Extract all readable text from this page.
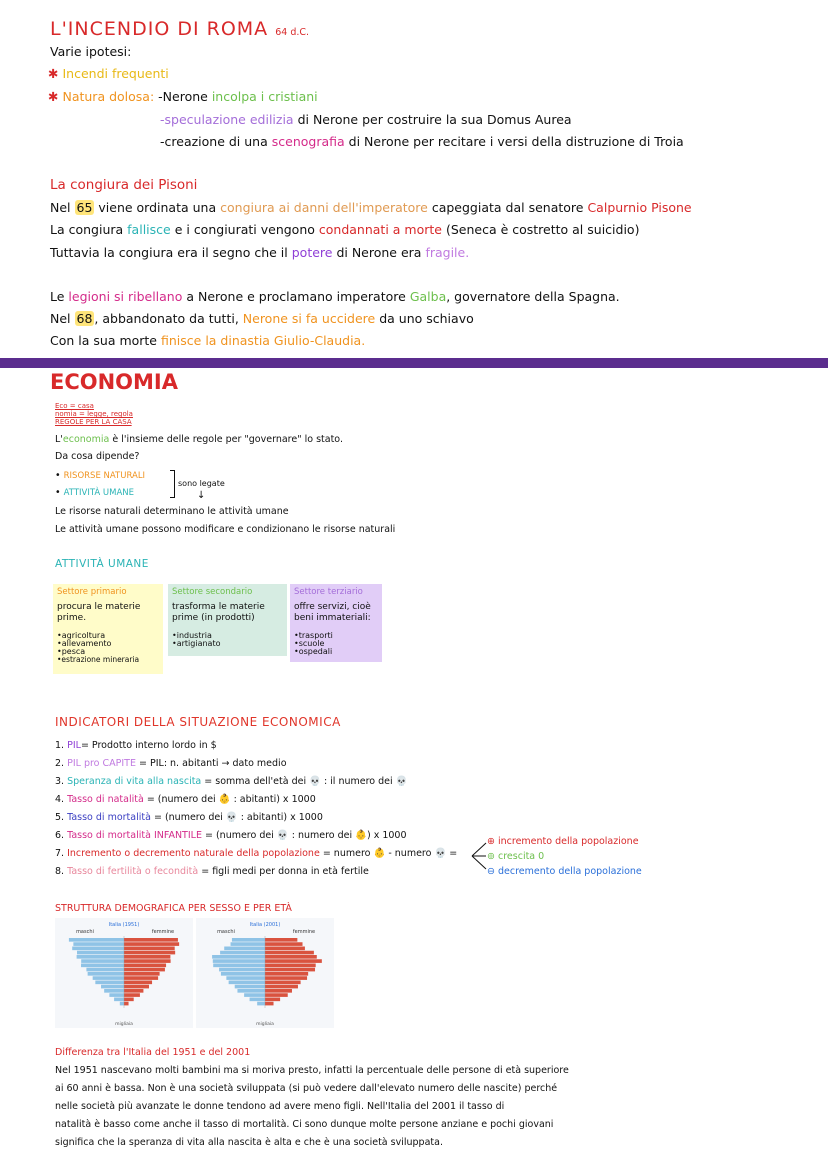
L'INCENDIO DI ROMA 64 d.C.
Varie ipotesi:
✱ Incendi frequenti
✱ Natura dolosa: -Nerone incolpa i cristiani
-speculazione edilizia di Nerone per costruire la sua Domus Aurea
-creazione di una scenografia di Nerone per recitare i versi della distruzione di Troia
La congiura dei Pisoni
Nel 65 viene ordinata una congiura ai danni dell'imperatore capeggiata dal senatore Calpurnio Pisone
La congiura fallisce e i congiurati vengono condannati a morte (Seneca è costretto al suicidio)
Tuttavia la congiura era il segno che il potere di Nerone era fragile.
Le legioni si ribellano a Nerone e proclamano imperatore Galba, governatore della Spagna.
Nel 68 , abbandonato da tutti, Nerone si fa uccidere da uno schiavo
Con la sua morte finisce la dinastia Giulio-Claudia.
ECONOMIA
Eco = casa
nomia = legge, regola
REGOLE PER LA CASA
L'economia è l'insieme delle regole per "governare" lo stato.
Da cosa dipende?
• RISORSE NATURALI
• ATTIVITÀ UMANE
sono legate
↓
Le risorse naturali determinano le attività umane
Le attività umane possono modificare e condizionano le risorse naturali
ATTIVITÀ UMANE
Settore primario
procura le materie
prime.
•agricoltura
•allevamento
•pesca
•estrazione mineraria
Settore secondario
trasforma le materie
prime (in prodotti)
•industria
•artigianato
Settore terziario
offre servizi, cioè
beni immateriali:
•trasporti
•scuole
•ospedali
INDICATORI DELLA SITUAZIONE ECONOMICA
1. PIL= Prodotto interno lordo in $
2. PIL pro CAPITE = PIL: n. abitanti → dato medio
3. Speranza di vita alla nascita = somma dell'età dei 💀 : il numero dei 💀
4. Tasso di natalità = (numero dei 👶 : abitanti) x 1000
5. Tasso di mortalità = (numero dei 💀 : abitanti) x 1000
6. Tasso di mortalità INFANTILE = (numero dei 💀 : numero dei 👶) x 1000
7. Incremento o decremento naturale della popolazione = numero 👶 - numero 💀 =
8. Tasso di fertilità o fecondità = figli medi per donna in età fertile
⊕ incremento della popolazione
⊚ crescita 0
⊖ decremento della popolazione
STRUTTURA DEMOGRAFICA PER SESSO E PER ETÀ
Italia (1951)
maschi	femmine
migliaia
Italia (2001)
maschi	femmine
migliaia
Differenza tra l'Italia del 1951 e del 2001
Nel 1951 nascevano molti bambini ma si moriva presto, infatti la percentuale delle persone di età superiore
ai 60 anni è bassa. Non è una società sviluppata (si può vedere dall'elevato numero delle nascite) perché
nelle società più avanzate le donne tendono ad avere meno figli. Nell'Italia del 2001 il tasso di
natalità è basso come anche il tasso di mortalità. Ci sono dunque molte persone anziane e pochi giovani
significa che la speranza di vita alla nascita è alta e che è una società sviluppata.
